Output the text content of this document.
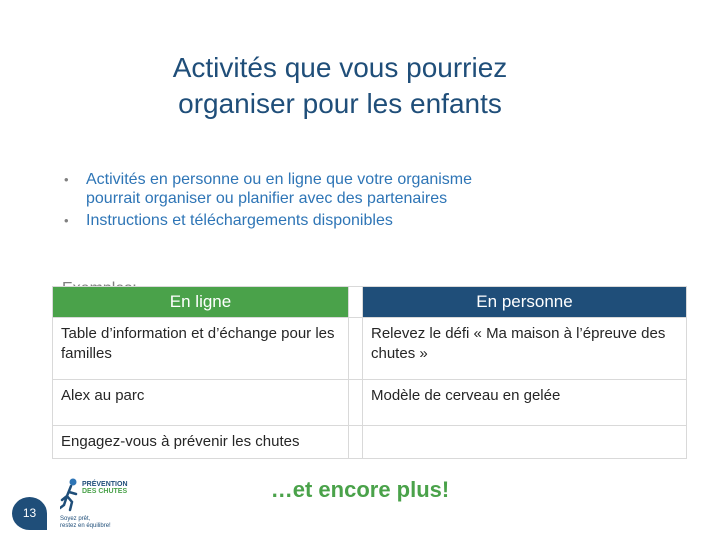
Activités que vous pourriez
organiser pour les enfants
• Activités en personne ou en ligne que votre organisme pourrait organiser ou planifier avec des partenaires
• Instructions et téléchargements disponibles
En ligne		En personne
Table d’information et d’échange pour les familles		Relevez le défi « Ma maison à l’épreuve des chutes »
Alex au parc		Modèle de cerveau en gelée
Engagez-vous à prévenir les chutes		
…et encore plus!
13
PRÉVENTION
DES CHUTES
Soyez prêt,
restez en équilibre!
